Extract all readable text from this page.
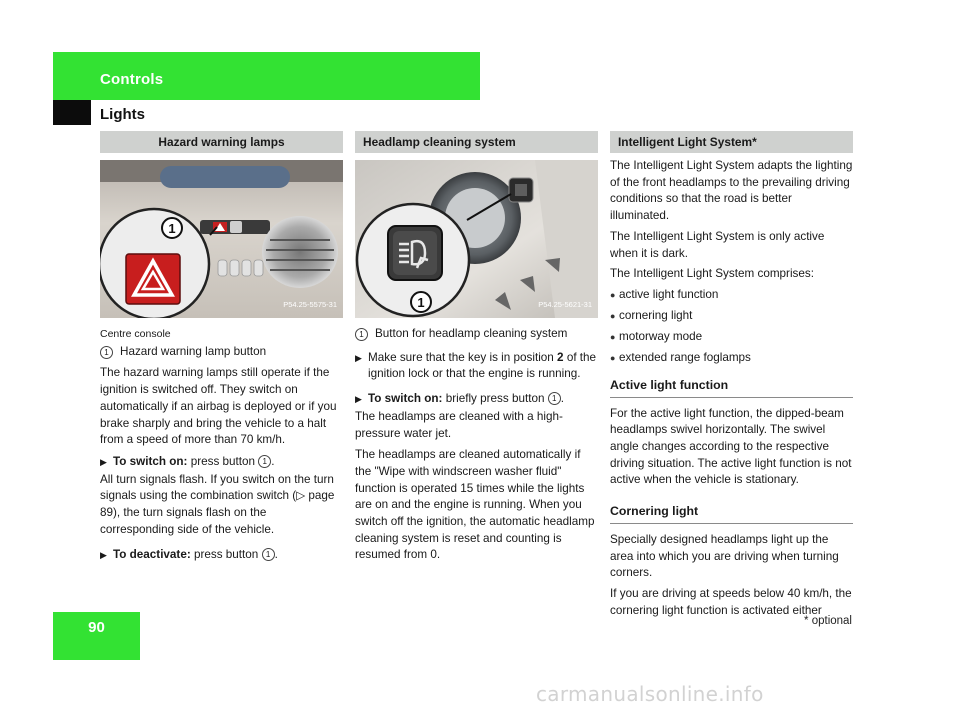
Controls
Lights
Hazard warning lamps
1
P54.25-5575-31
Centre console
1 Hazard warning lamp button

The hazard warning lamps still operate if the ignition is switched off. They switch on automatically if an airbag is deployed or if you brake sharply and bring the vehicle to a halt from a speed of more than 70 km/h.

▶ To switch on: press button 1 .

All turn signals flash. If you switch on the turn signals using the combination switch (▷ page 89), the turn signals flash on the corresponding side of the vehicle.

▶ To deactivate: press button 1 .
Headlamp cleaning system
1	P54.25-5621-31
1 Button for headlamp cleaning system
▶ Make sure that the key is in position 2 of the ignition lock or that the engine is running.
▶ To switch on: briefly press button 1 .

The headlamps are cleaned with a high-pressure water jet.

The headlamps are cleaned automatically if the "Wipe with windscreen washer fluid" function is operated 15 times while the lights are on and the engine is running. When you switch off the ignition, the automatic headlamp cleaning system is reset and counting is resumed from 0.

Intelligent Light System*

The Intelligent Light System adapts the lighting of the front headlamps to the prevailing driving conditions so that the road is better illuminated.

The Intelligent Light System is only active when it is dark.

The Intelligent Light System comprises:

● active light function
● cornering light
● motorway mode
● extended range foglamps
Active light function

For the active light function, the dipped-beam headlamps swivel horizontally. The swivel angle changes according to the respective driving situation. The active light function is not active when the vehicle is stationary.

Cornering light

Specially designed headlamps light up the area into which you are driving when turning corners.

If you are driving at speeds below 40 km/h, the cornering light function is activated either

90	* optional
carmanualsonline.info
